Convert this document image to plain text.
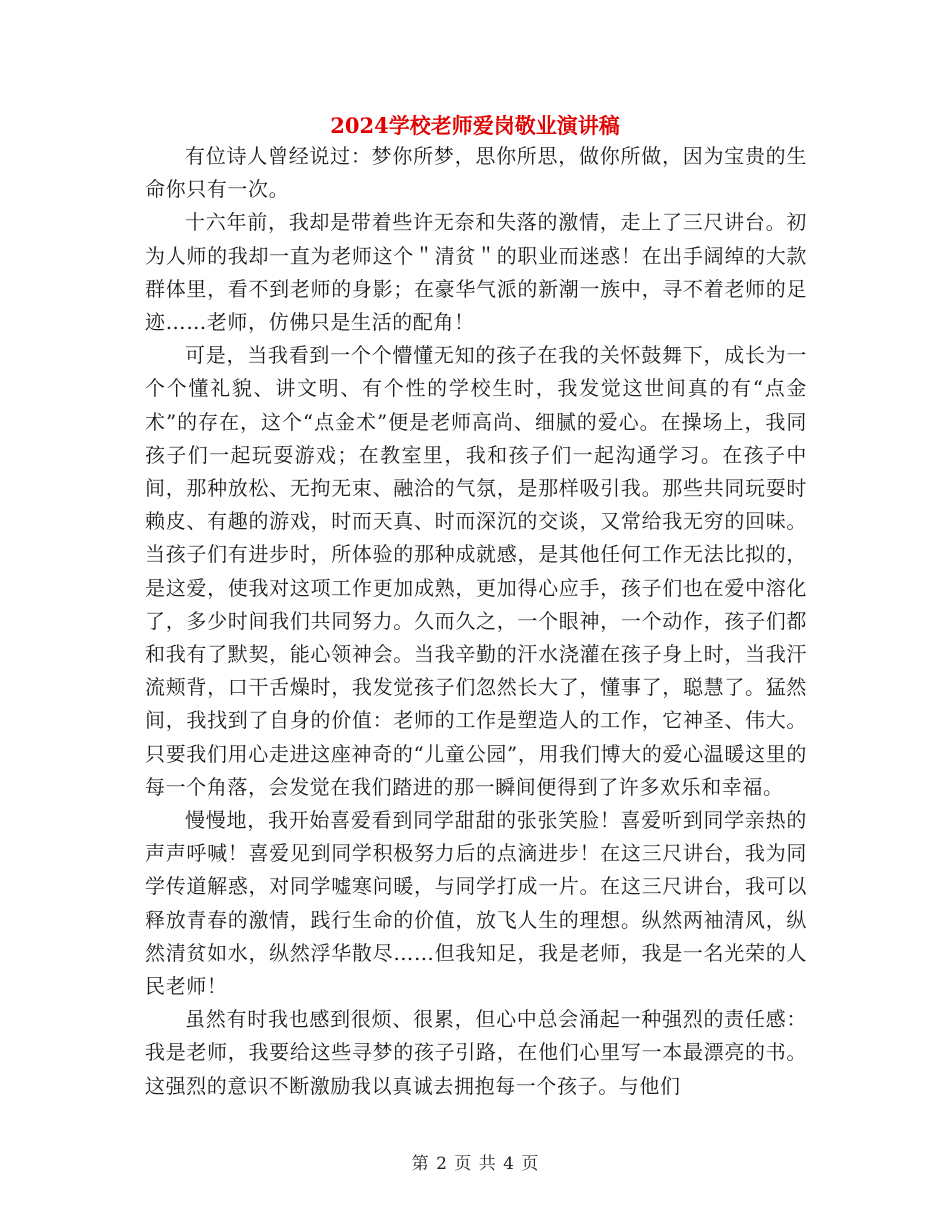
2024学校老师爱岗敬业演讲稿

有位诗人曾经说过：梦你所梦，思你所思，做你所做，因为宝贵的生命你只有一次。

十六年前，我却是带着些许无奈和失落的激情，走上了三尺讲台。初为人师的我却一直为老师这个＂清贫＂的职业而迷惑！在出手阔绰的大款群体里，看不到老师的身影；在豪华气派的新潮一族中，寻不着老师的足迹……老师，仿佛只是生活的配角！

可是，当我看到一个个懵懂无知的孩子在我的关怀鼓舞下，成长为一个个懂礼貌、讲文明、有个性的学校生时，我发觉这世间真的有“点金术”的存在，这个“点金术”便是老师高尚、细腻的爱心。在操场上，我同孩子们一起玩耍游戏；在教室里，我和孩子们一起沟通学习。在孩子中间，那种放松、无拘无束、融洽的气氛，是那样吸引我。那些共同玩耍时赖皮、有趣的游戏，时而天真、时而深沉的交谈，又常给我无穷的回味。当孩子们有进步时，所体验的那种成就感，是其他任何工作无法比拟的，是这爱，使我对这项工作更加成熟，更加得心应手，孩子们也在爱中溶化了，多少时间我们共同努力。久而久之，一个眼神，一个动作，孩子们都和我有了默契，能心领神会。当我辛勤的汗水浇灌在孩子身上时，当我汗流颊背，口干舌燥时，我发觉孩子们忽然长大了，懂事了，聪慧了。猛然间，我找到了自身的价值：老师的工作是塑造人的工作，它神圣、伟大。只要我们用心走进这座神奇的“儿童公园”，用我们博大的爱心温暖这里的每一个角落，会发觉在我们踏进的那一瞬间便得到了许多欢乐和幸福。

慢慢地，我开始喜爱看到同学甜甜的张张笑脸！喜爱听到同学亲热的声声呼喊！喜爱见到同学积极努力后的点滴进步！在这三尺讲台，我为同学传道解惑，对同学嘘寒问暖，与同学打成一片。在这三尺讲台，我可以释放青春的激情，践行生命的价值，放飞人生的理想。纵然两袖清风，纵然清贫如水，纵然浮华散尽……但我知足，我是老师，我是一名光荣的人民老师！

虽然有时我也感到很烦、很累，但心中总会涌起一种强烈的责任感：我是老师，我要给这些寻梦的孩子引路，在他们心里写一本最漂亮的书。这强烈的意识不断激励我以真诚去拥抱每一个孩子。与他们

第 2 页 共 4 页
